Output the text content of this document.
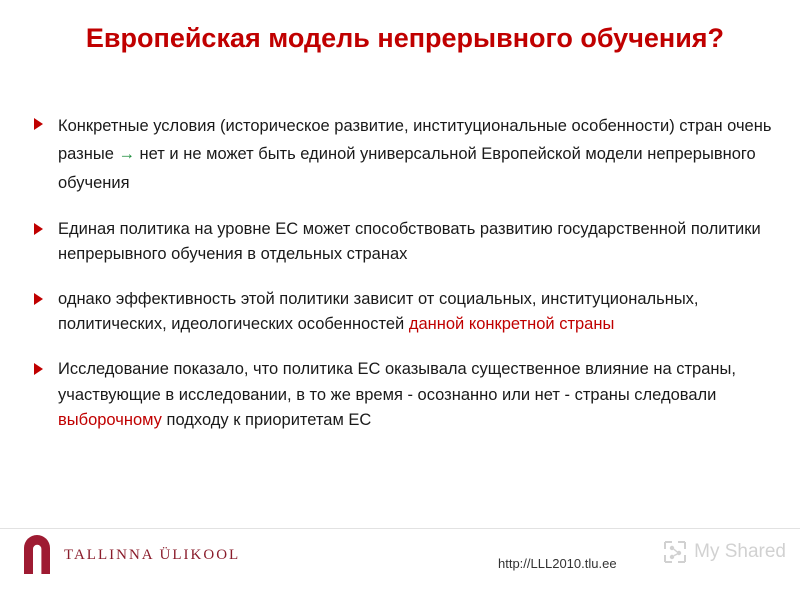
Европейская модель непрерывного обучения?
Конкретные условия (историческое развитие, институциональные особенности) стран очень разные → нет и не может быть единой универсальной Европейской модели непрерывного обучения
Единая политика на уровне ЕС может способствовать развитию государственной политики непрерывного обучения в отдельных странах
однако эффективность этой политики зависит от социальных, институциональных, политических, идеологических особенностей данной конкретной страны
Исследование показало, что политика ЕС оказывала существенное влияние на страны, участвующие в исследовании, в то же время - осознанно или нет - страны следовали выборочному подходу к приоритетам ЕС
TALLINNA ÜLIKOOL
http://LLL2010.tlu.ee
My Shared
